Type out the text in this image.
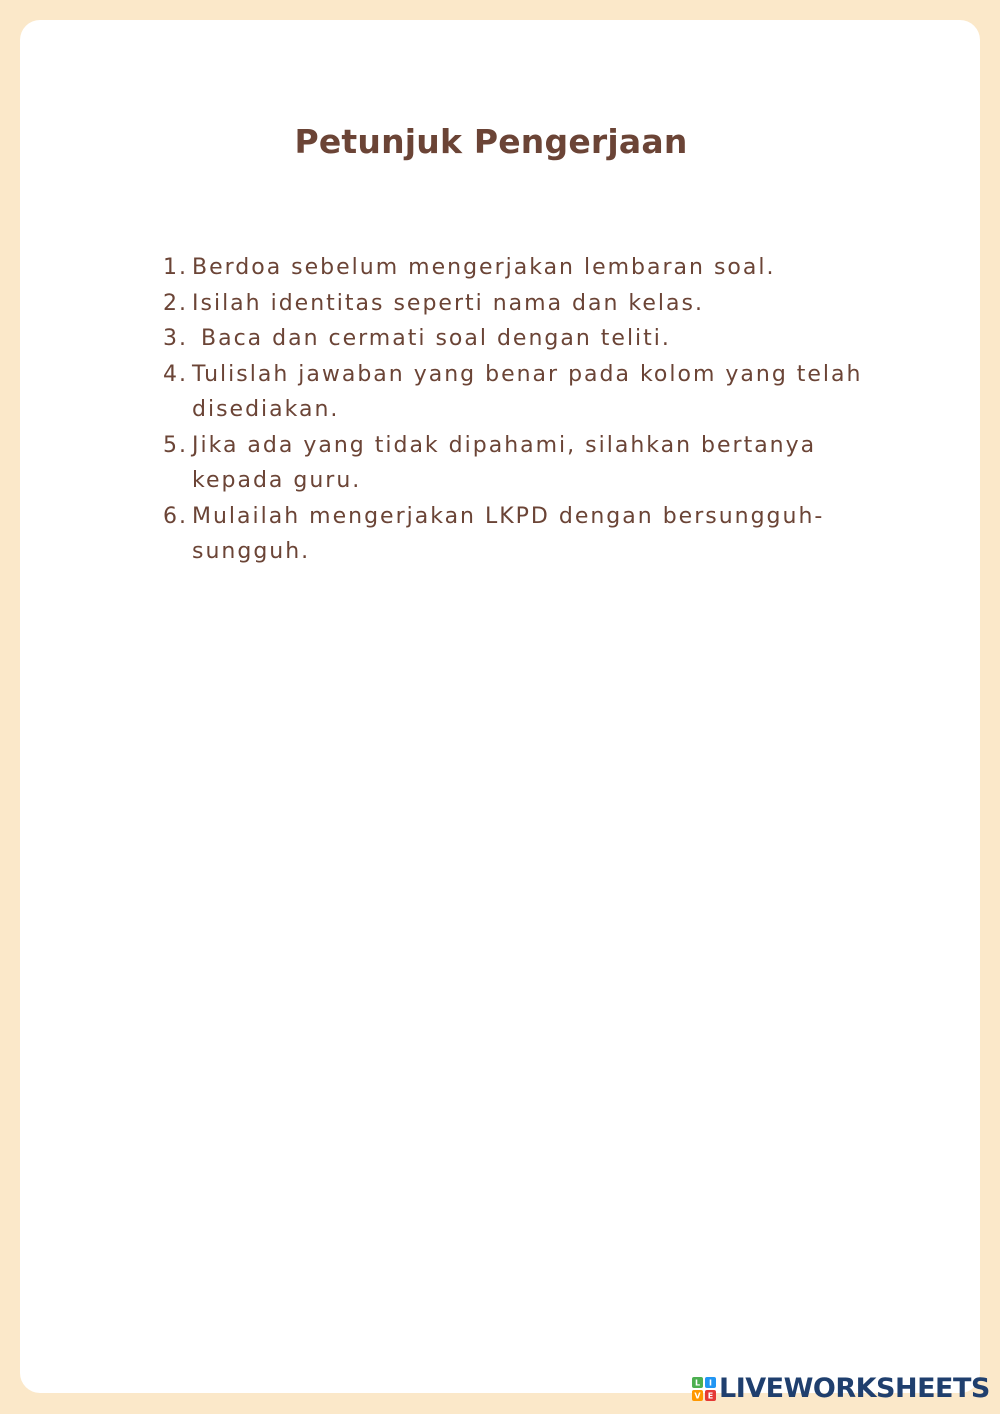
Petunjuk Pengerjaan
1. Berdoa sebelum mengerjakan lembaran soal.
2. Isilah identitas seperti nama dan kelas.
3. Baca dan cermati soal dengan teliti.
4. Tulislah jawaban yang benar pada kolom yang telah disediakan.
5. Jika ada yang tidak dipahami, silahkan bertanya kepada guru.
6. Mulailah mengerjakan LKPD dengan bersungguh-sungguh.
L I
V E LIVEWORKSHEETS
